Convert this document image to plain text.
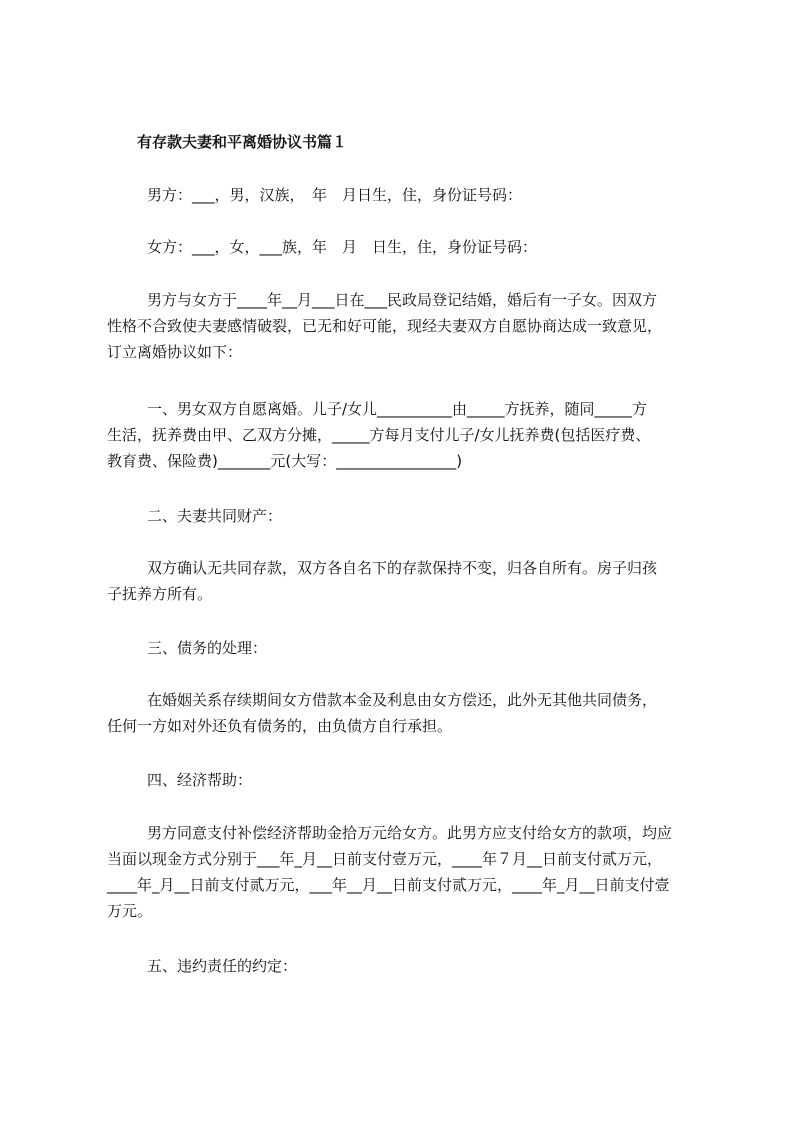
有存款夫妻和平离婚协议书篇１
男方：___，男，汉族，　年　月日生，住，身份证号码：
女方：___，女，___族，年　月　日生，住，身份证号码：
男方与女方于____年__月___日在___民政局登记结婚，婚后有一子女。因双方
性格不合致使夫妻感情破裂，已无和好可能，现经夫妻双方自愿协商达成一致意见，
订立离婚协议如下：
一、男女双方自愿离婚。儿子/女儿__________由_____方抚养，随同_____方
生活，抚养费由甲、乙双方分摊，_____方每月支付儿子/女儿抚养费(包括医疗费、
教育费、保险费)_______元(大写：________________)
二、夫妻共同财产：
双方确认无共同存款，双方各自名下的存款保持不变，归各自所有。房子归孩
子抚养方所有。
三、债务的处理：
在婚姻关系存续期间女方借款本金及利息由女方偿还，此外无其他共同债务，
任何一方如对外还负有债务的，由负债方自行承担。
四、经济帮助：
男方同意支付补偿经济帮助金拾万元给女方。此男方应支付给女方的款项，均应
当面以现金方式分别于___年_月__日前支付壹万元，____年７月__日前支付贰万元，
____年_月__日前支付贰万元，___年__月__日前支付贰万元，____年_月__日前支付壹
万元。
五、违约责任的约定：
